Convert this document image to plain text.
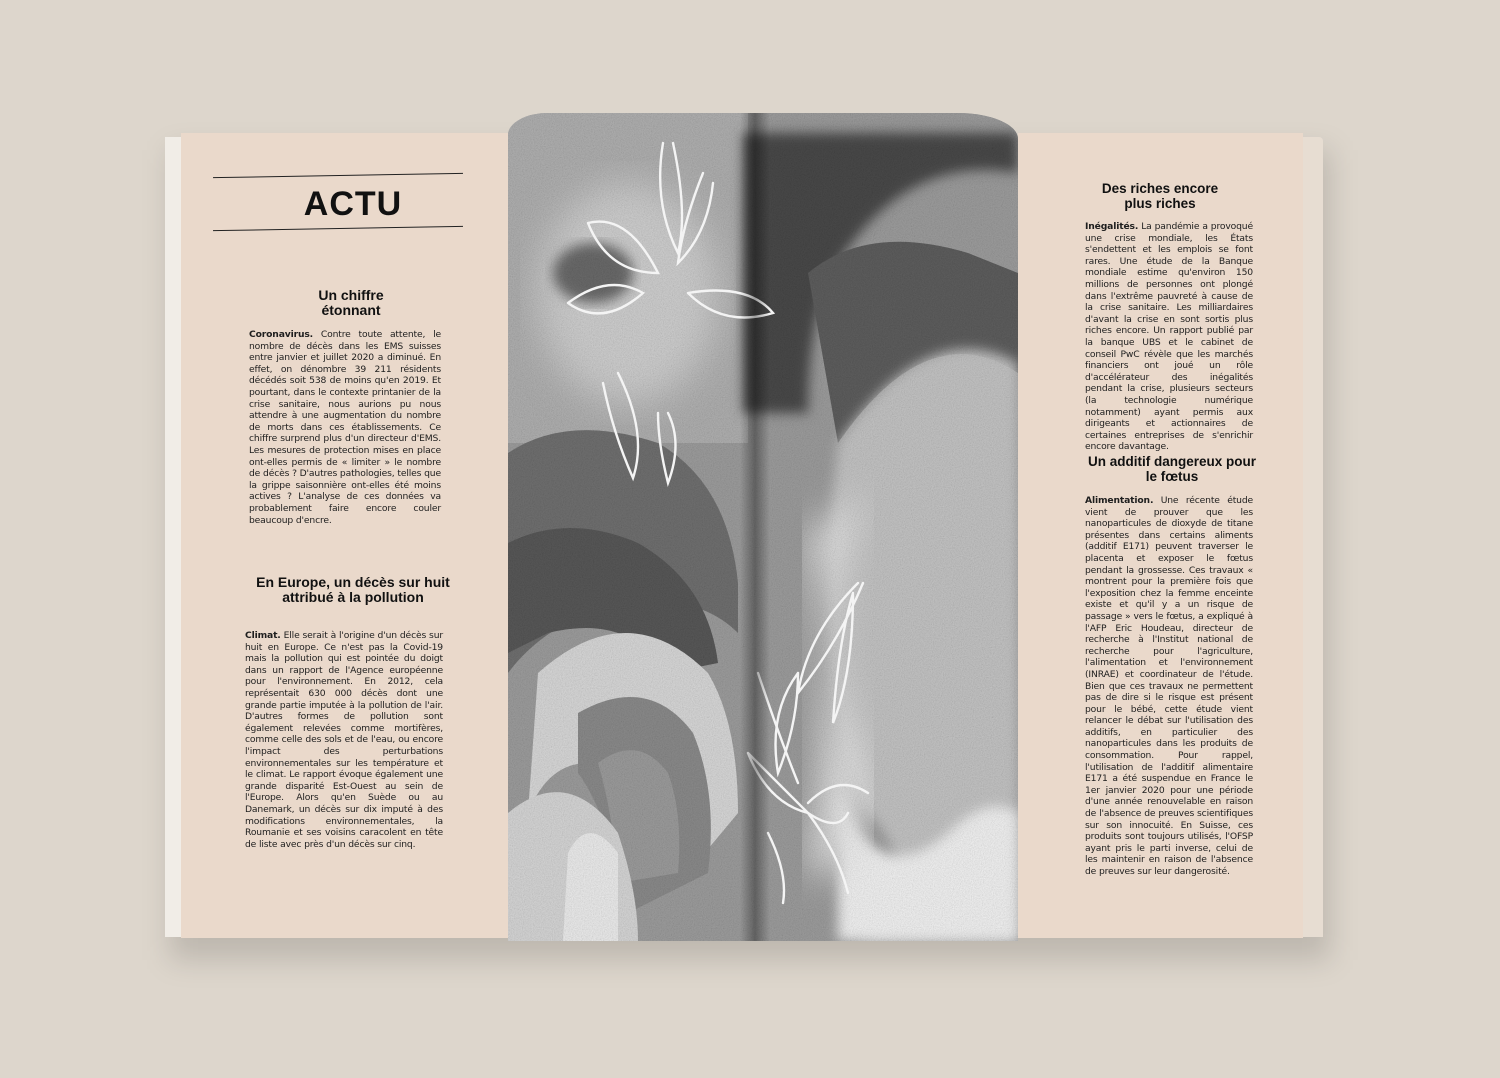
ACTU
Un chiffre étonnant
Coronavirus. Contre toute attente, le nombre de décès dans les EMS suisses entre janvier et juillet 2020 a diminué. En effet, on dénombre 39 211 résidents décédés soit 538 de moins qu'en 2019. Et pourtant, dans le contexte printanier de la crise sanitaire, nous aurions pu nous attendre à une augmentation du nombre de morts dans ces établissements. Ce chiffre surprend plus d'un directeur d'EMS. Les mesures de protection mises en place ont-elles permis de « limiter » le nombre de décès ? D'autres pathologies, telles que la grippe saisonnière ont-elles été moins actives ? L'analyse de ces données va probablement faire encore couler beaucoup d'encre.
En Europe, un décès sur huit attribué à la pollution
Climat. Elle serait à l'origine d'un décès sur huit en Europe. Ce n'est pas la Covid-19 mais la pollution qui est pointée du doigt dans un rapport de l'Agence européenne pour l'environnement. En 2012, cela représentait 630 000 décès dont une grande partie imputée à la pollution de l'air. D'autres formes de pollution sont également relevées comme mortifères, comme celle des sols et de l'eau, ou encore l'impact des perturbations environnementales sur les température et le climat. Le rapport évoque également une grande disparité Est-Ouest au sein de l'Europe. Alors qu'en Suède ou au Danemark, un décès sur dix imputé à des modifications environnementales, la Roumanie et ses voisins caracolent en tête de liste avec près d'un décès sur cinq.
Des riches encore plus riches
Inégalités. La pandémie a provoqué une crise mondiale, les États s'endettent et les emplois se font rares. Une étude de la Banque mondiale estime qu'environ 150 millions de personnes ont plongé dans l'extrême pauvreté à cause de la crise sanitaire. Les milliardaires d'avant la crise en sont sortis plus riches encore. Un rapport publié par la banque UBS et le cabinet de conseil PwC révèle que les marchés financiers ont joué un rôle d'accélérateur des inégalités pendant la crise, plusieurs secteurs (la technologie numérique notamment) ayant permis aux dirigeants et actionnaires de certaines entreprises de s'enrichir encore davantage.
Un additif dangereux pour le fœtus
Alimentation. Une récente étude vient de prouver que les nanoparticules de dioxyde de titane présentes dans certains aliments (additif E171) peuvent traverser le placenta et exposer le fœtus pendant la grossesse. Ces travaux « montrent pour la première fois que l'exposition chez la femme enceinte existe et qu'il y a un risque de passage » vers le fœtus, a expliqué à l'AFP Eric Houdeau, directeur de recherche à l'Institut national de recherche pour l'agriculture, l'alimentation et l'environnement (INRAE) et coordinateur de l'étude. Bien que ces travaux ne permettent pas de dire si le risque est présent pour le bébé, cette étude vient relancer le débat sur l'utilisation des additifs, en particulier des nanoparticules dans les produits de consommation. Pour rappel, l'utilisation de l'additif alimentaire E171 a été suspendue en France le 1er janvier 2020 pour une période d'une année renouvelable en raison de l'absence de preuves scientifiques sur son innocuité. En Suisse, ces produits sont toujours utilisés, l'OFSP ayant pris le parti inverse, celui de les maintenir en raison de l'absence de preuves sur leur dangerosité.
